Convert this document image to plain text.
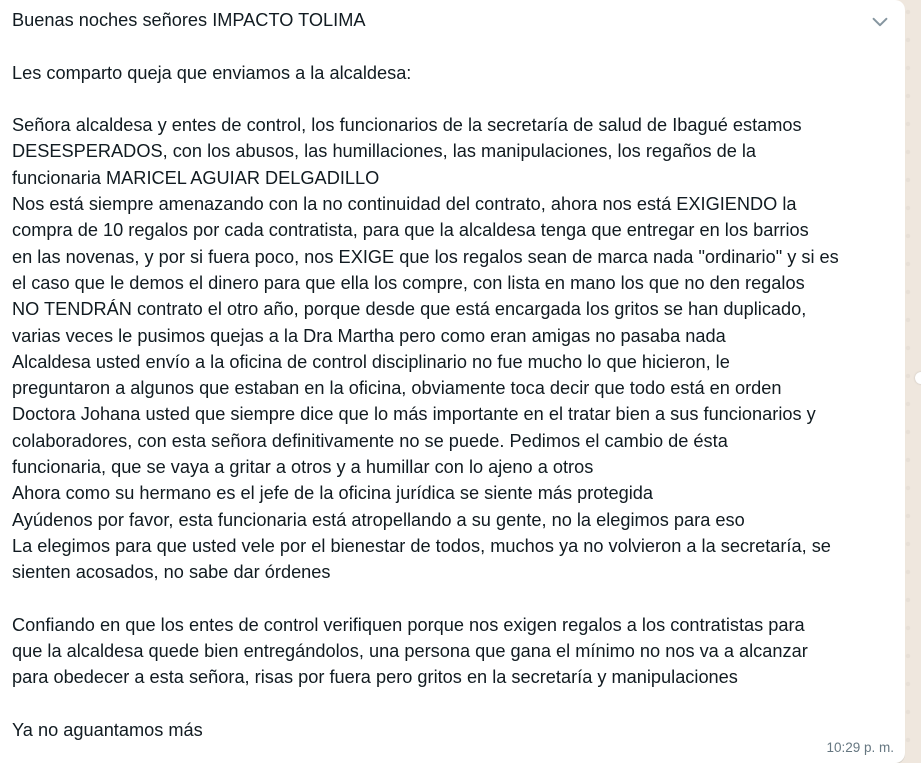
Buenas noches señores IMPACTO TOLIMA
Les comparto queja que enviamos a la alcaldesa:
Señora alcaldesa y entes de control, los funcionarios de la secretaría de salud de Ibagué estamos
DESESPERADOS, con los abusos, las humillaciones, las manipulaciones, los regaños de la
funcionaria MARICEL AGUIAR DELGADILLO
Nos está siempre amenazando con la no continuidad del contrato, ahora nos está EXIGIENDO la
compra de 10 regalos por cada contratista, para que la alcaldesa tenga que entregar en los barrios
en las novenas, y por si fuera poco, nos EXIGE que los regalos sean de marca nada "ordinario" y si es
el caso que le demos el dinero para que ella los compre, con lista en mano los que no den regalos
NO TENDRÁN contrato el otro año, porque desde que está encargada los gritos se han duplicado,
varias veces le pusimos quejas a la Dra Martha pero como eran amigas no pasaba nada
Alcaldesa usted envío a la oficina de control disciplinario no fue mucho lo que hicieron, le
preguntaron a algunos que estaban en la oficina, obviamente toca decir que todo está en orden
Doctora Johana usted que siempre dice que lo más importante en el tratar bien a sus funcionarios y
colaboradores, con esta señora definitivamente no se puede. Pedimos el cambio de ésta
funcionaria, que se vaya a gritar a otros y a humillar con lo ajeno a otros
Ahora como su hermano es el jefe de la oficina jurídica se siente más protegida
Ayúdenos por favor, esta funcionaria está atropellando a su gente, no la elegimos para eso
La elegimos para que usted vele por el bienestar de todos, muchos ya no volvieron a la secretaría, se
sienten acosados, no sabe dar órdenes
Confiando en que los entes de control verifiquen porque nos exigen regalos a los contratistas para
que la alcaldesa quede bien entregándolos, una persona que gana el mínimo no nos va a alcanzar
para obedecer a esta señora, risas por fuera pero gritos en la secretaría y manipulaciones
Ya no aguantamos más
10:29 p. m.
